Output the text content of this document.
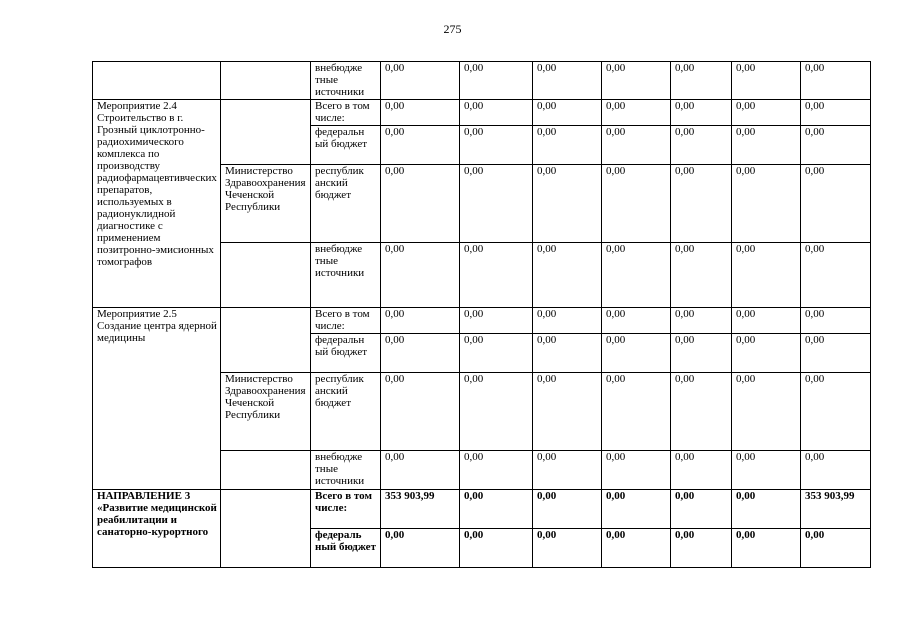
275
		внебюдже тные источники	0,00	0,00	0,00	0,00	0,00	0,00	0,00
Мероприятие 2.4 Строительство в г. Грозный циклотронно-радиохимического комплекса по производству радиофармацевтивческих препаратов, используемых в радионуклидной диагностике с применением позитронно-эмисионных томографов		Всего в том числе:	0,00	0,00	0,00	0,00	0,00	0,00	0,00
		федеральн ый бюджет	0,00	0,00	0,00	0,00	0,00	0,00	0,00
	Министерство Здравоохранения Чеченской Республики	республик анский бюджет	0,00	0,00	0,00	0,00	0,00	0,00	0,00
		внебюдже тные источники	0,00	0,00	0,00	0,00	0,00	0,00	0,00
Мероприятие 2.5 Создание центра ядерной медицины		Всего в том числе:	0,00	0,00	0,00	0,00	0,00	0,00	0,00
		федеральн ый бюджет	0,00	0,00	0,00	0,00	0,00	0,00	0,00
	Министерство Здравоохранения Чеченской Республики	республик анский бюджет	0,00	0,00	0,00	0,00	0,00	0,00	0,00
		внебюдже тные источники	0,00	0,00	0,00	0,00	0,00	0,00	0,00
НАПРАВЛЕНИЕ 3 «Развитие медицинской реабилитации и санаторно-курортного		Всего в том числе:	353 903,99	0,00	0,00	0,00	0,00	0,00	353 903,99
		федераль ный бюджет	0,00	0,00	0,00	0,00	0,00	0,00	0,00
